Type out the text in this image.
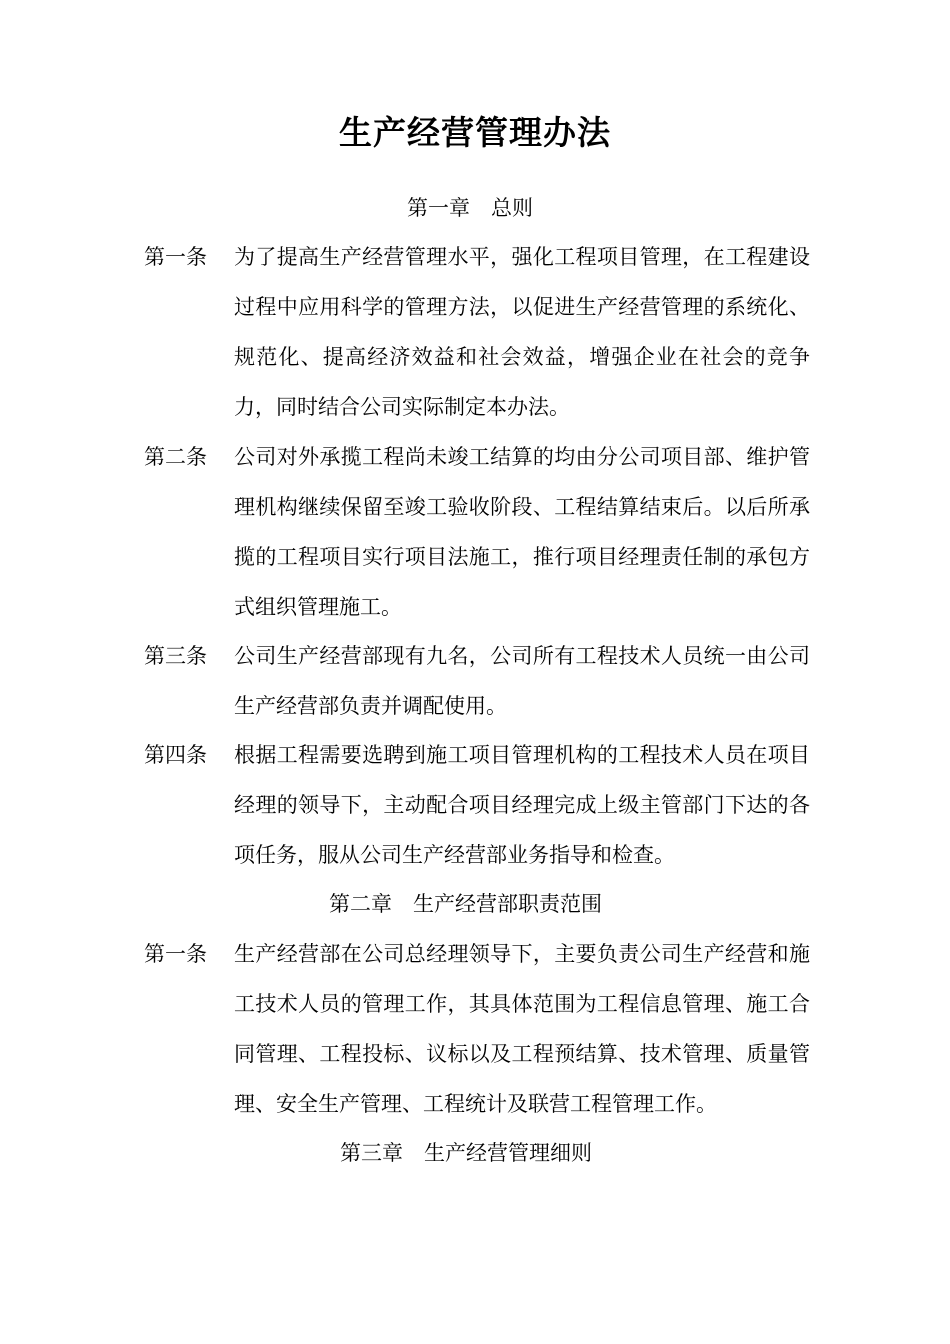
生产经营管理办法
第一章　总则
第一条 为了提高生产经营管理水平，强化工程项目管理，在工程建设过程中应用科学的管理方法，以促进生产经营管理的系统化、规范化、提高经济效益和社会效益，增强企业在社会的竞争力，同时结合公司实际制定本办法。
第二条 公司对外承揽工程尚未竣工结算的均由分公司项目部、维护管理机构继续保留至竣工验收阶段、工程结算结束后。以后所承揽的工程项目实行项目法施工，推行项目经理责任制的承包方式组织管理施工。
第三条 公司生产经营部现有九名，公司所有工程技术人员统一由公司生产经营部负责并调配使用。
第四条 根据工程需要选聘到施工项目管理机构的工程技术人员在项目经理的领导下，主动配合项目经理完成上级主管部门下达的各项任务，服从公司生产经营部业务指导和检查。
第二章　生产经营部职责范围
第一条 生产经营部在公司总经理领导下，主要负责公司生产经营和施工技术人员的管理工作，其具体范围为工程信息管理、施工合同管理、工程投标、议标以及工程预结算、技术管理、质量管理、安全生产管理、工程统计及联营工程管理工作。
第三章　生产经营管理细则
